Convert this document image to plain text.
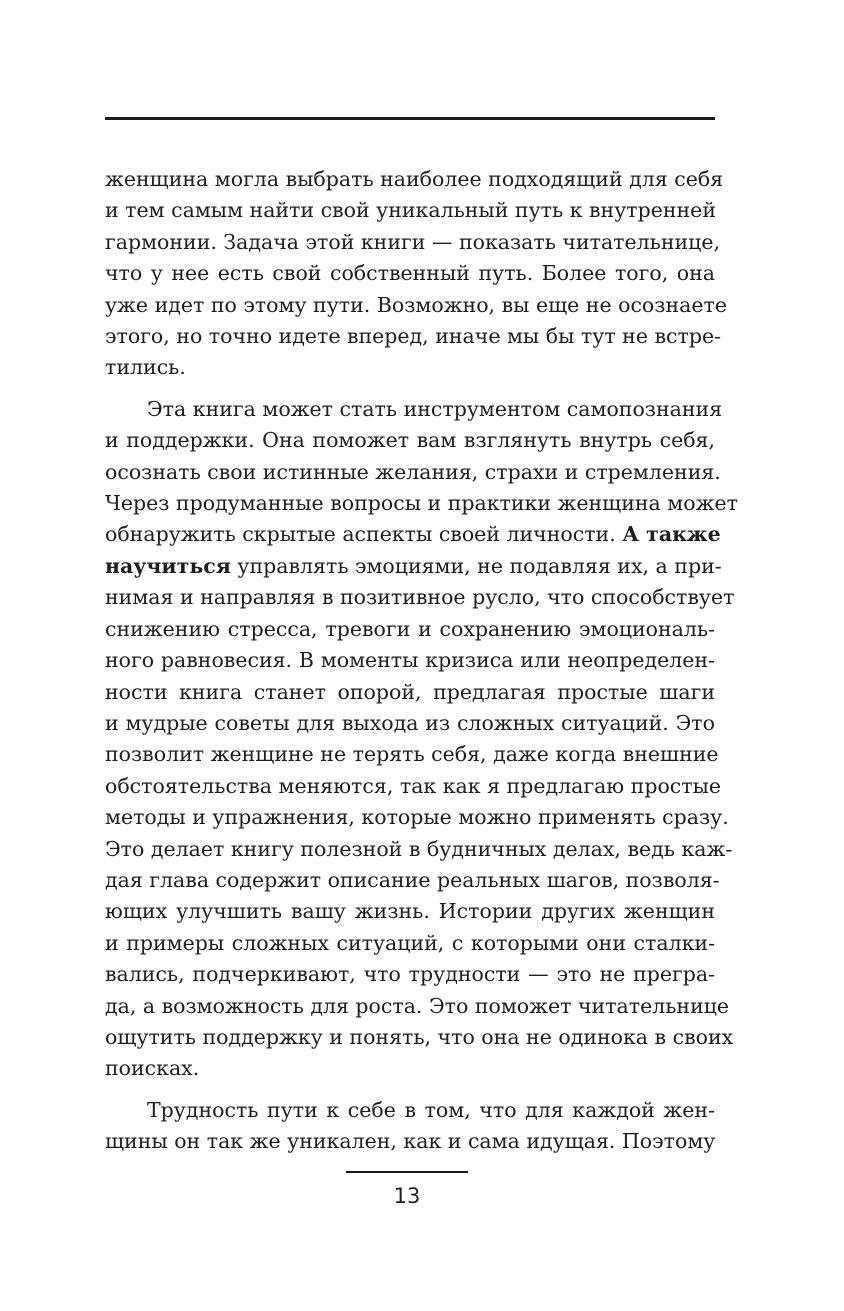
женщина могла выбрать наиболее подходящий для себя
и тем самым найти свой уникальный путь к внутренней
гармонии. Задача этой книги — показать читательнице,
что у нее есть свой собственный путь. Более того, она
уже идет по этому пути. Возможно, вы еще не осознаете
этого, но точно идете вперед, иначе мы бы тут не встре-
тились.

Эта книга может стать инструментом самопознания
и поддержки. Она поможет вам взглянуть внутрь себя,
осознать свои истинные желания, страхи и стремления.
Через продуманные вопросы и практики женщина может
обнаружить скрытые аспекты своей личности. А также
научиться управлять эмоциями, не подавляя их, а при-
нимая и направляя в позитивное русло, что способствует
снижению стресса, тревоги и сохранению эмоциональ-
ного равновесия. В моменты кризиса или неопределен-
ности книга станет опорой, предлагая простые шаги
и мудрые советы для выхода из сложных ситуаций. Это
позволит женщине не терять себя, даже когда внешние
обстоятельства меняются, так как я предлагаю простые
методы и упражнения, которые можно применять сразу.
Это делает книгу полезной в будничных делах, ведь каж-
дая глава содержит описание реальных шагов, позволя-
ющих улучшить вашу жизнь. Истории других женщин
и примеры сложных ситуаций, с которыми они сталки-
вались, подчеркивают, что трудности — это не прегра-
да, а возможность для роста. Это поможет читательнице
ощутить поддержку и понять, что она не одинока в своих
поисках.

Трудность пути к себе в том, что для каждой жен-
щины он так же уникален, как и сама идущая. Поэтому

13
